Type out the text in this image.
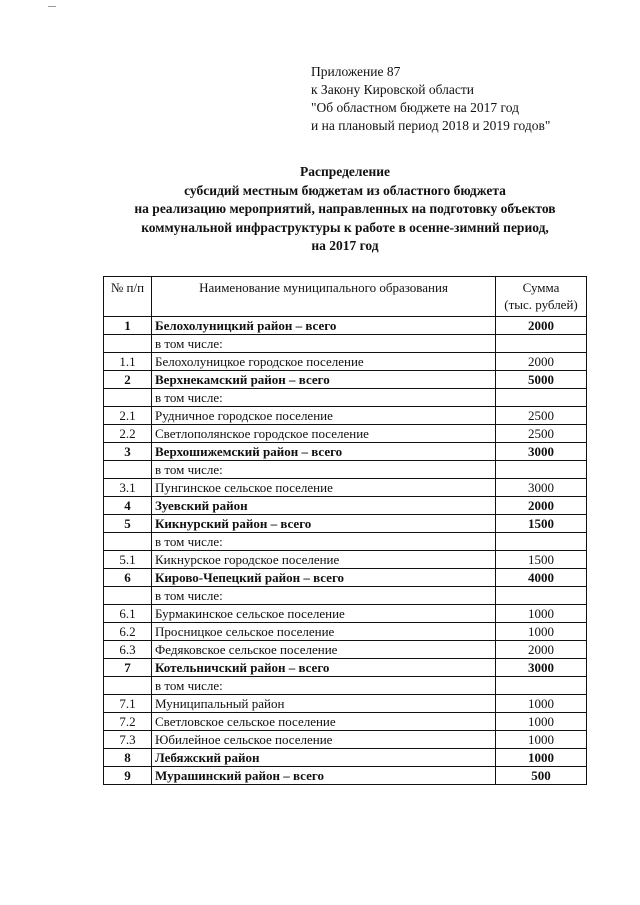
Приложение 87
к Закону Кировской области
"Об областном бюджете на 2017 год
и на плановый период 2018 и 2019 годов"
Распределение
субсидий местным бюджетам из областного бюджета
на реализацию мероприятий, направленных на подготовку объектов
коммунальной инфраструктуры к работе в осенне-зимний период,
на 2017 год
№ п/п	Наименование муниципального образования	Сумма
(тыс. рублей)

1	Белохолуницкий район – всего	2000
	в том числе:	
1.1	Белохолуницкое городское поселение	2000
2	Верхнекамский район – всего	5000
	в том числе:	
2.1	Рудничное городское поселение	2500
2.2	Светлополянское городское поселение	2500
3	Верхошижемский район – всего	3000
	в том числе:	
3.1	Пунгинское сельское поселение	3000
4	Зуевский район	2000
5	Кикнурский район – всего	1500
	в том числе:	
5.1	Кикнурское городское поселение	1500
6	Кирово-Чепецкий район – всего	4000
	в том числе:	
6.1	Бурмакинское сельское поселение	1000
6.2	Просницкое сельское поселение	1000
6.3	Федяковское сельское поселение	2000
7	Котельничский район – всего	3000
	в том числе:	
7.1	Муниципальный район	1000
7.2	Светловское сельское поселение	1000
7.3	Юбилейное сельское поселение	1000
8	Лебяжский район	1000
9	Мурашинский район – всего	500
